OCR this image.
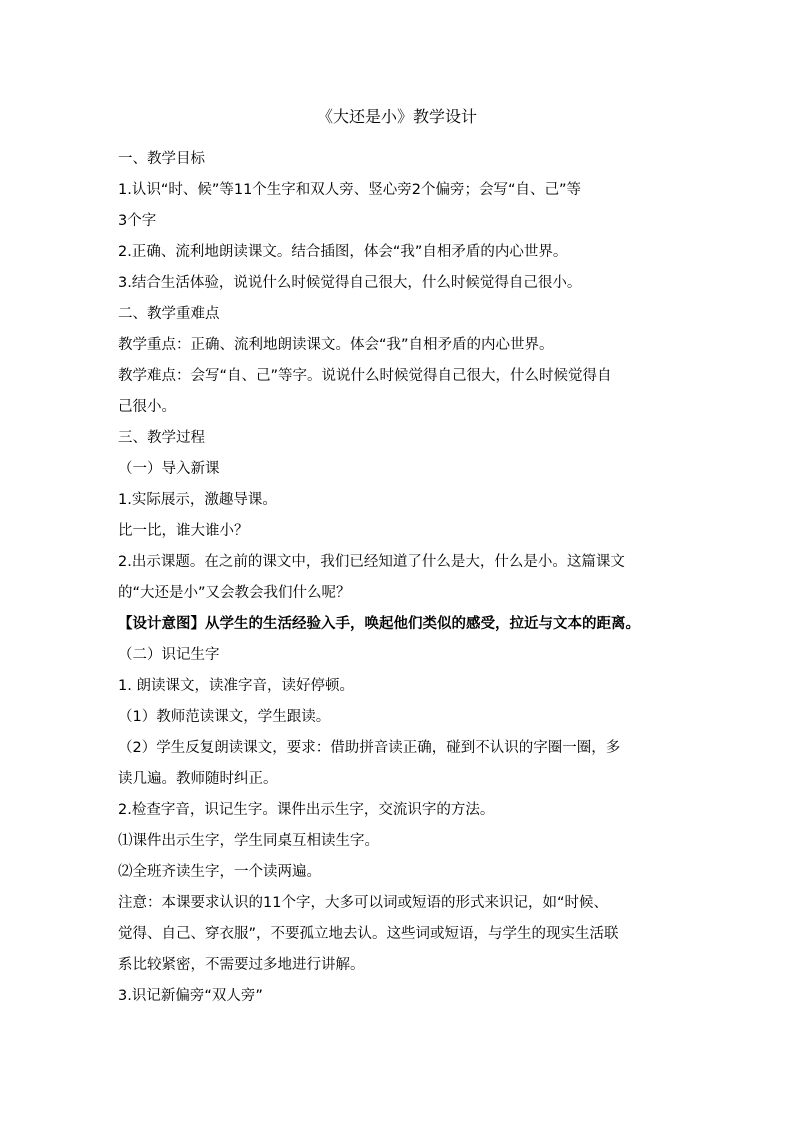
《大还是小》教学设计
一、教学目标
1.认识“时、候”等11个生字和双人旁、竖心旁2个偏旁；会写“自、己”等
3个字
2.正确、流利地朗读课文。结合插图，体会“我”自相矛盾的内心世界。
3.结合生活体验，说说什么时候觉得自己很大，什么时候觉得自己很小。
二、教学重难点
教学重点：正确、流利地朗读课文。体会“我”自相矛盾的内心世界。
教学难点：会写“自、己”等字。说说什么时候觉得自己很大，什么时候觉得自
己很小。
三、教学过程
（一）导入新课
1.实际展示，激趣导课。
比一比，谁大谁小？
2.出示课题。在之前的课文中，我们已经知道了什么是大，什么是小。这篇课文
的“大还是小”又会教会我们什么呢？
【设计意图】从学生的生活经验入手，唤起他们类似的感受，拉近与文本的距离。
（二）识记生字
1. 朗读课文，读准字音，读好停顿。
（1）教师范读课文，学生跟读。
（2）学生反复朗读课文，要求：借助拼音读正确，碰到不认识的字圈一圈，多
读几遍。教师随时纠正。
2.检查字音，识记生字。课件出示生字，交流识字的方法。
⑴课件出示生字，学生同桌互相读生字。
⑵全班齐读生字，一个读两遍。
注意：本课要求认识的11个字，大多可以词或短语的形式来识记，如“时候、
觉得、自己、穿衣服”，不要孤立地去认。这些词或短语，与学生的现实生活联
系比较紧密，不需要过多地进行讲解。
3.识记新偏旁“双人旁”
